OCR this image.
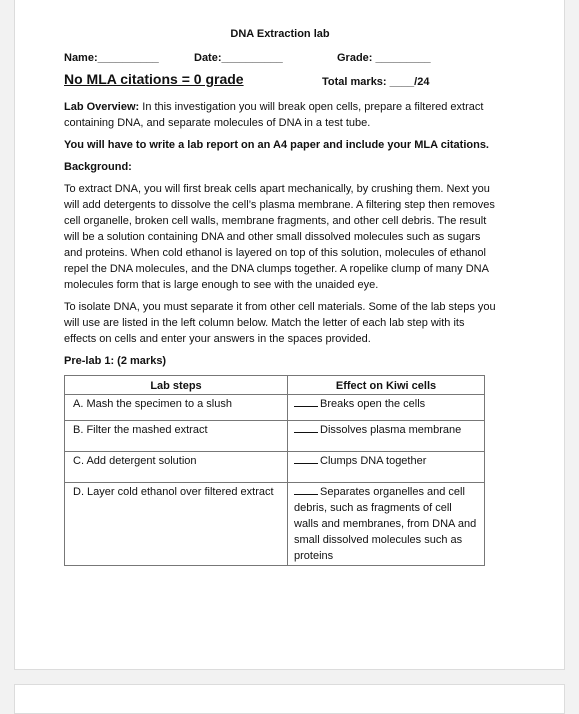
DNA Extraction lab
Name:__________	Date:__________	Grade: _________
No MLA citations = 0 grade	Total marks: ____/24

Lab Overview: In this investigation you will break open cells, prepare a filtered extract containing DNA, and separate molecules of DNA in a test tube.

You will have to write a lab report on an A4 paper and include your MLA citations.

Background:

To extract DNA, you will first break cells apart mechanically, by crushing them. Next you will add detergents to dissolve the cell’s plasma membrane. A filtering step then removes cell organelle, broken cell walls, membrane fragments, and other cell debris. The result will be a solution containing DNA and other small dissolved molecules such as sugars and proteins. When cold ethanol is layered on top of this solution, molecules of ethanol repel the DNA molecules, and the DNA clumps together. A ropelike clump of many DNA molecules form that is large enough to see with the unaided eye.

To isolate DNA, you must separate it from other cell materials. Some of the lab steps you will use are listed in the left column below. Match the letter of each lab step with its effects on cells and enter your answers in the spaces provided.

Pre-lab 1: (2 marks)

Lab steps	Effect on Kiwi cells
A. Mash the specimen to a slush	Breaks open the cells
B. Filter the mashed extract	Dissolves plasma membrane
C. Add detergent solution	Clumps DNA together
D. Layer cold ethanol over filtered extract	Separates organelles and cell debris, such as fragments of cell walls and membranes, from DNA and small dissolved molecules such as proteins
